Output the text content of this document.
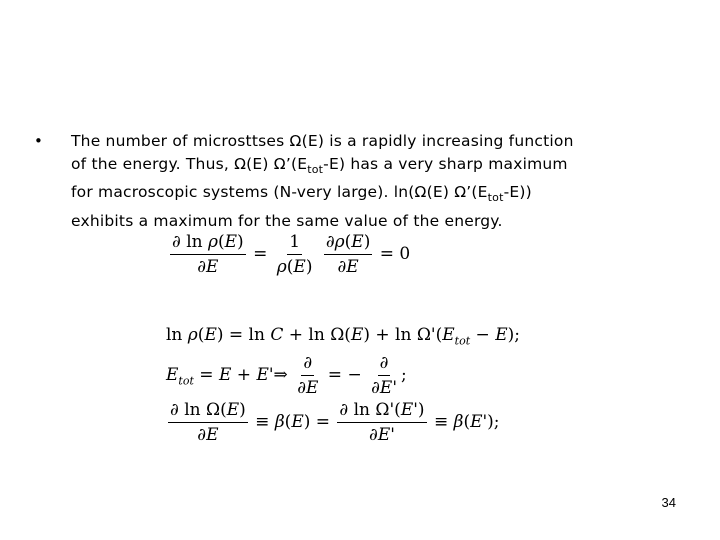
• The number of microsttses Ω(E) is a rapidly increasing function
of the energy. Thus, Ω(E) $\Omega’(E_{tot}-E)$ has a very sharp maximum
for macroscopic systems (N-very large). ln(Ω(E) $\Omega’(E_{tot}-E)$)
exhibits a maximum for the same value of the energy.
$\frac{\text{∂ ln ρ(E)}}{\partial E} = \frac{1}{\rho(E)}$
$\frac{\partial\rho(E)}{\partial E} = 0$
$\ln \rho(E) = \ln C + \ln \Omega(E) + \ln \Omega'(E_{tot} - E)$;
$E_{tot} = E$ + E'⇒ $\frac{\partial}{\partial E}$ = − $\frac{\partial}{\partial E'}$ ;
$\frac{\text{∂ ln Ω(E)}}{\partial E} \equiv \beta(E) = \frac{\text{∂ ln Ω'(E')}}{\partial E'} \equiv \beta(E')$;
34
